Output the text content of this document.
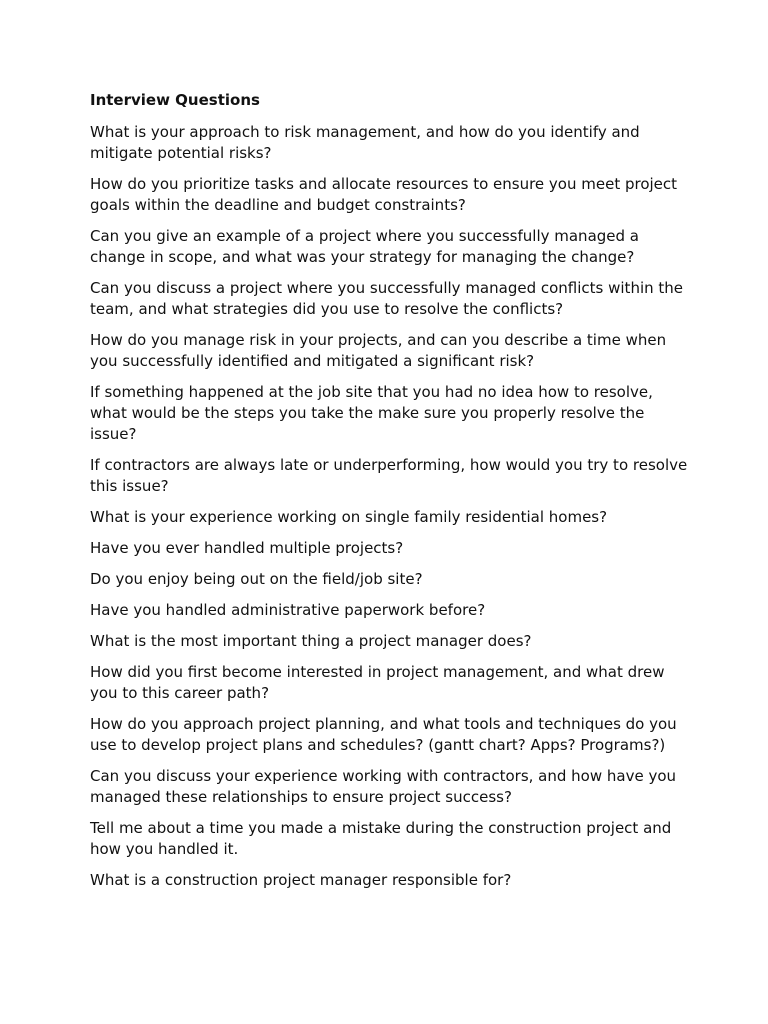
Interview Questions
What is your approach to risk management, and how do you identify and mitigate potential risks?
How do you prioritize tasks and allocate resources to ensure you meet project goals within the deadline and budget constraints?
Can you give an example of a project where you successfully managed a change in scope, and what was your strategy for managing the change?
Can you discuss a project where you successfully managed conflicts within the team, and what strategies did you use to resolve the conflicts?
How do you manage risk in your projects, and can you describe a time when you successfully identified and mitigated a significant risk?
If something happened at the job site that you had no idea how to resolve, what would be the steps you take the make sure you properly resolve the issue?
If contractors are always late or underperforming, how would you try to resolve this issue?
What is your experience working on single family residential homes?
Have you ever handled multiple projects?
Do you enjoy being out on the field/job site?
Have you handled administrative paperwork before?
What is the most important thing a project manager does?
How did you first become interested in project management, and what drew you to this career path?
How do you approach project planning, and what tools and techniques do you use to develop project plans and schedules? (gantt chart? Apps? Programs?)
Can you discuss your experience working with contractors, and how have you managed these relationships to ensure project success?
Tell me about a time you made a mistake during the construction project and how you handled it.
What is a construction project manager responsible for?
